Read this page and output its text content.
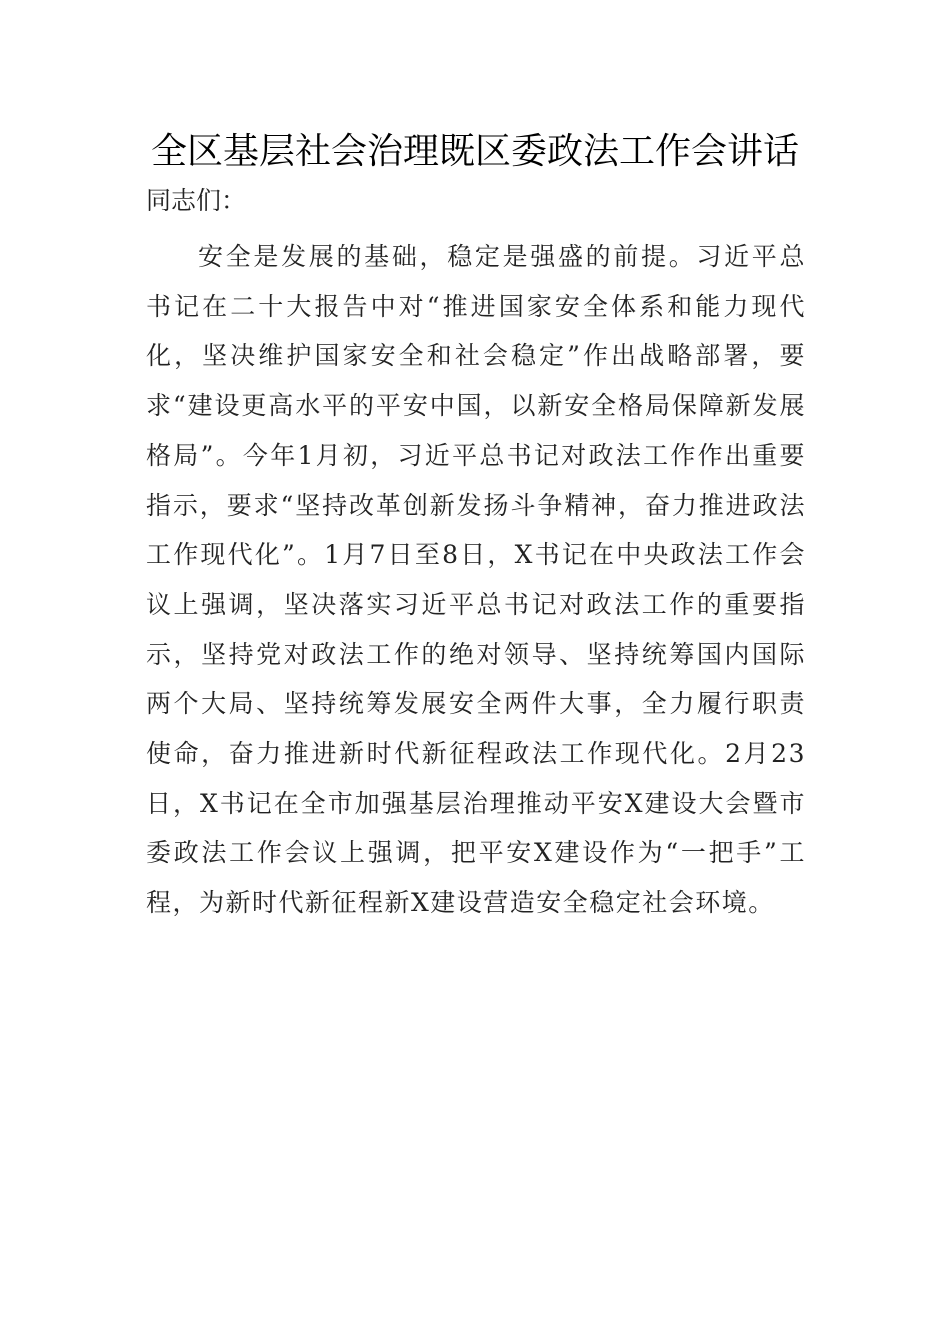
全区基层社会治理既区委政法工作会讲话

同志们：

安全是发展的基础，稳定是强盛的前提。习近平总书记在二十大报告中对“推进国家安全体系和能力现代化，坚决维护国家安全和社会稳定”作出战略部署，要求“建设更高水平的平安中国，以新安全格局保障新发展格局”。今年1月初，习近平总书记对政法工作作出重要指示，要求“坚持改革创新发扬斗争精神，奋力推进政法工作现代化”。1月7日至8日，X书记在中央政法工作会议上强调，坚决落实习近平总书记对政法工作的重要指示，坚持党对政法工作的绝对领导、坚持统筹国内国际两个大局、坚持统筹发展安全两件大事，全力履行职责使命，奋力推进新时代新征程政法工作现代化。2月23日，X书记在全市加强基层治理推动平安X建设大会暨市委政法工作会议上强调，把平安X建设作为“一把手”工程，为新时代新征程新X建设营造安全稳定社会环境。
